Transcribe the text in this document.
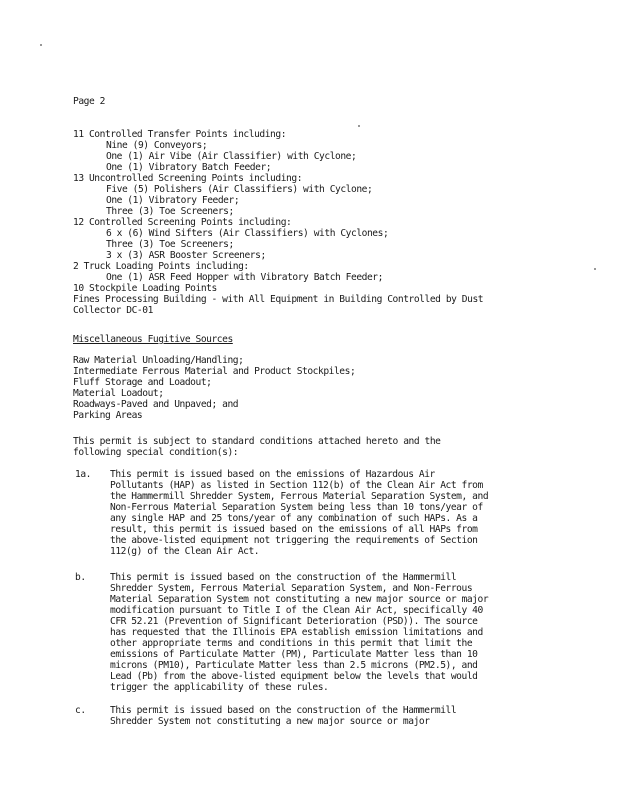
Page 2
11 Controlled Transfer Points including:
Nine (9) Conveyors;
One (1) Air Vibe (Air Classifier) with Cyclone;
One (1) Vibratory Batch Feeder;
13 Uncontrolled Screening Points including:
Five (5) Polishers (Air Classifiers) with Cyclone;
One (1) Vibratory Feeder;
Three (3) Toe Screeners;
12 Controlled Screening Points including:
6 x (6) Wind Sifters (Air Classifiers) with Cyclones;
Three (3) Toe Screeners;
3 x (3) ASR Booster Screeners;
2 Truck Loading Points including:
One (1) ASR Feed Hopper with Vibratory Batch Feeder;
10 Stockpile Loading Points
Fines Processing Building - with All Equipment in Building Controlled by Dust
Collector DC-01
Miscellaneous Fugitive Sources
Raw Material Unloading/Handling;
Intermediate Ferrous Material and Product Stockpiles;
Fluff Storage and Loadout;
Material Loadout;
Roadways-Paved and Unpaved; and
Parking Areas
This permit is subject to standard conditions attached hereto and the
following special condition(s):
1a. This permit is issued based on the emissions of Hazardous Air
Pollutants (HAP) as listed in Section 112(b) of the Clean Air Act from
the Hammermill Shredder System, Ferrous Material Separation System, and
Non-Ferrous Material Separation System being less than 10 tons/year of
any single HAP and 25 tons/year of any combination of such HAPs. As a
result, this permit is issued based on the emissions of all HAPs from
the above-listed equipment not triggering the requirements of Section
112(g) of the Clean Air Act.
b.	This permit is issued based on the construction of the Hammermill
Shredder System, Ferrous Material Separation System, and Non-Ferrous
Material Separation System not constituting a new major source or major
modification pursuant to Title I of the Clean Air Act, specifically 40
CFR 52.21 (Prevention of Significant Deterioration (PSD)). The source
has requested that the Illinois EPA establish emission limitations and
other appropriate terms and conditions in this permit that limit the
emissions of Particulate Matter (PM), Particulate Matter less than 10
microns (PM10), Particulate Matter less than 2.5 microns (PM2.5), and
Lead (Pb) from the above-listed equipment below the levels that would
trigger the applicability of these rules.
c.	This permit is issued based on the construction of the Hammermill
Shredder System not constituting a new major source or major
